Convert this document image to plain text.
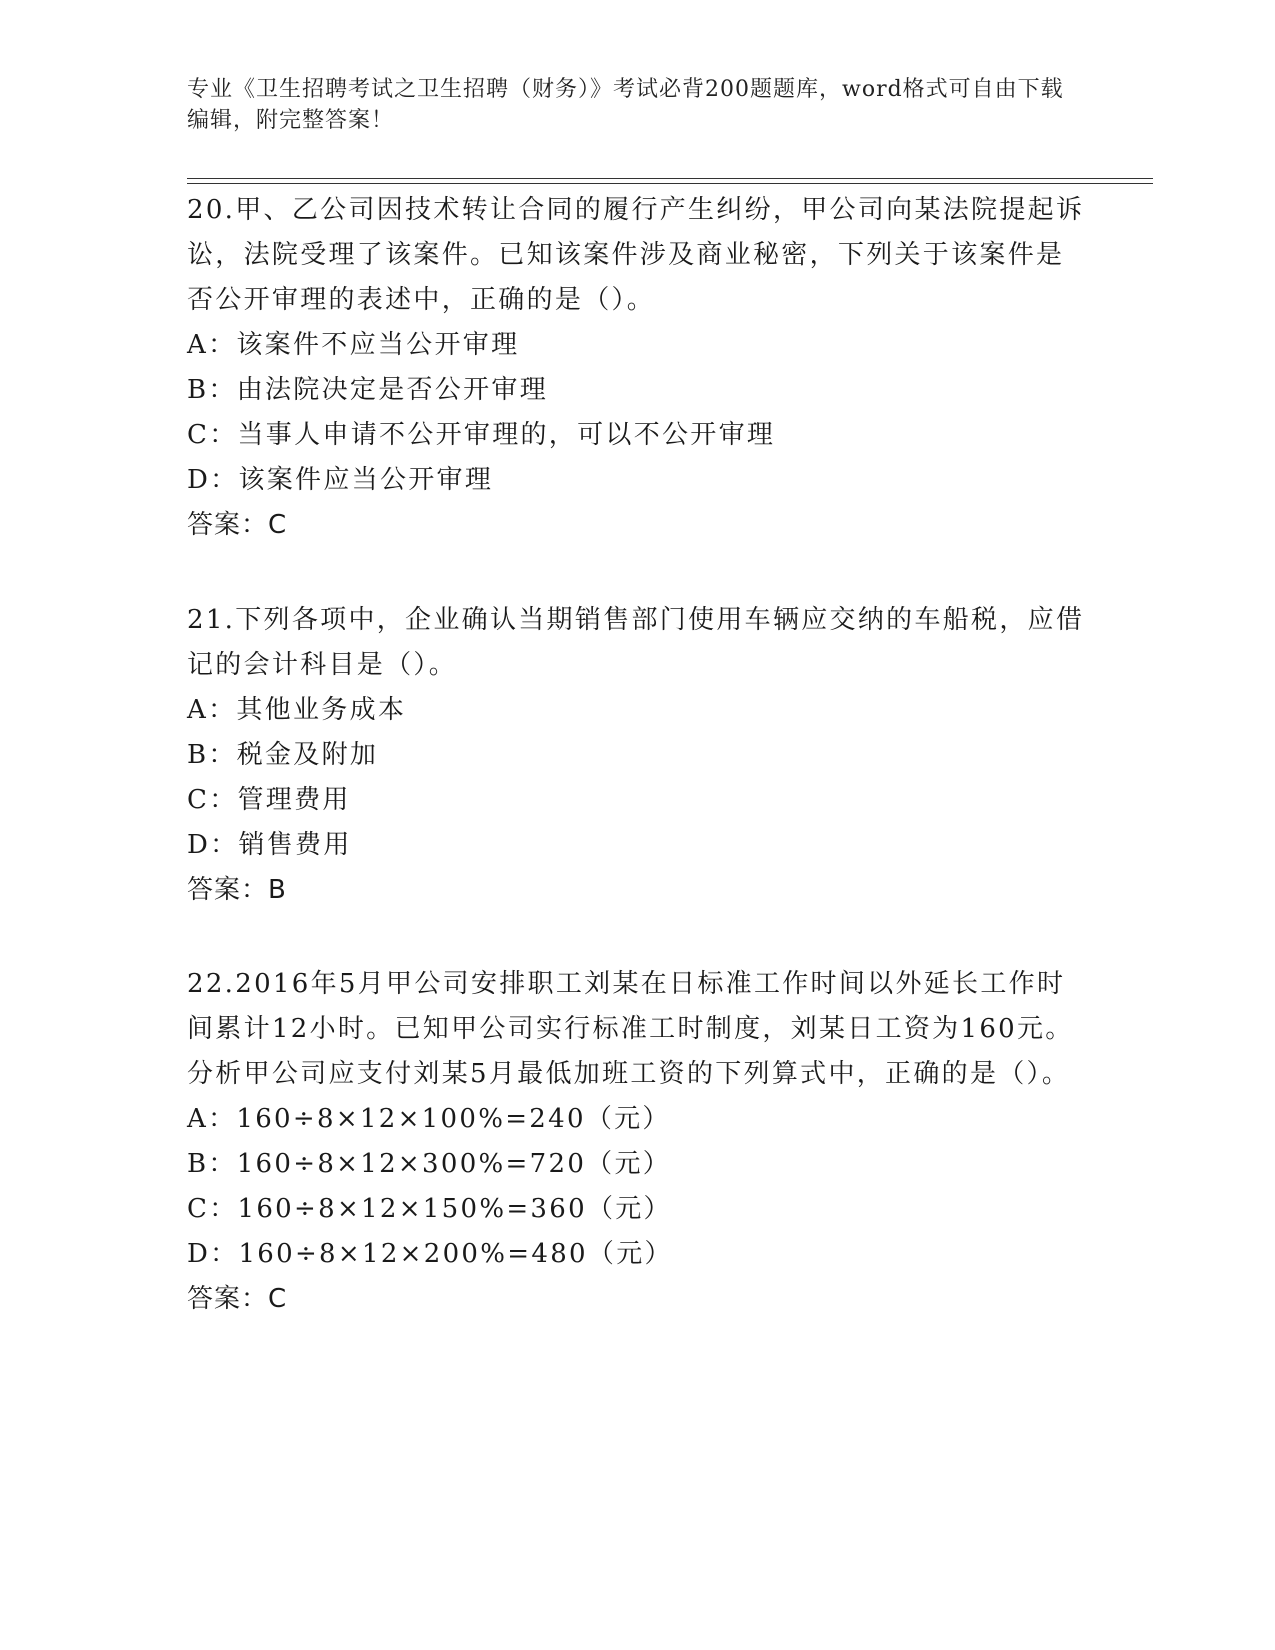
专业《卫生招聘考试之卫生招聘（财务）》考试必背200题题库，word格式可自由下载编辑，附完整答案！

20.甲、乙公司因技术转让合同的履行产生纠纷，甲公司向某法院提起诉讼，法院受理了该案件。已知该案件涉及商业秘密，下列关于该案件是否公开审理的表述中，正确的是（）。

A：该案件不应当公开审理

B：由法院决定是否公开审理

C：当事人申请不公开审理的，可以不公开审理

D：该案件应当公开审理

答案：C

21.下列各项中，企业确认当期销售部门使用车辆应交纳的车船税，应借记的会计科目是（）。

A：其他业务成本

B：税金及附加

C：管理费用

D：销售费用

答案：B

22.2016年5月甲公司安排职工刘某在日标准工作时间以外延长工作时间累计12小时。已知甲公司实行标准工时制度，刘某日工资为160元。分析甲公司应支付刘某5月最低加班工资的下列算式中，正确的是（）。

A：160÷8×12×100%=240（元）

B：160÷8×12×300%=720（元）

C：160÷8×12×150%=360（元）

D：160÷8×12×200%=480（元）

答案：C
